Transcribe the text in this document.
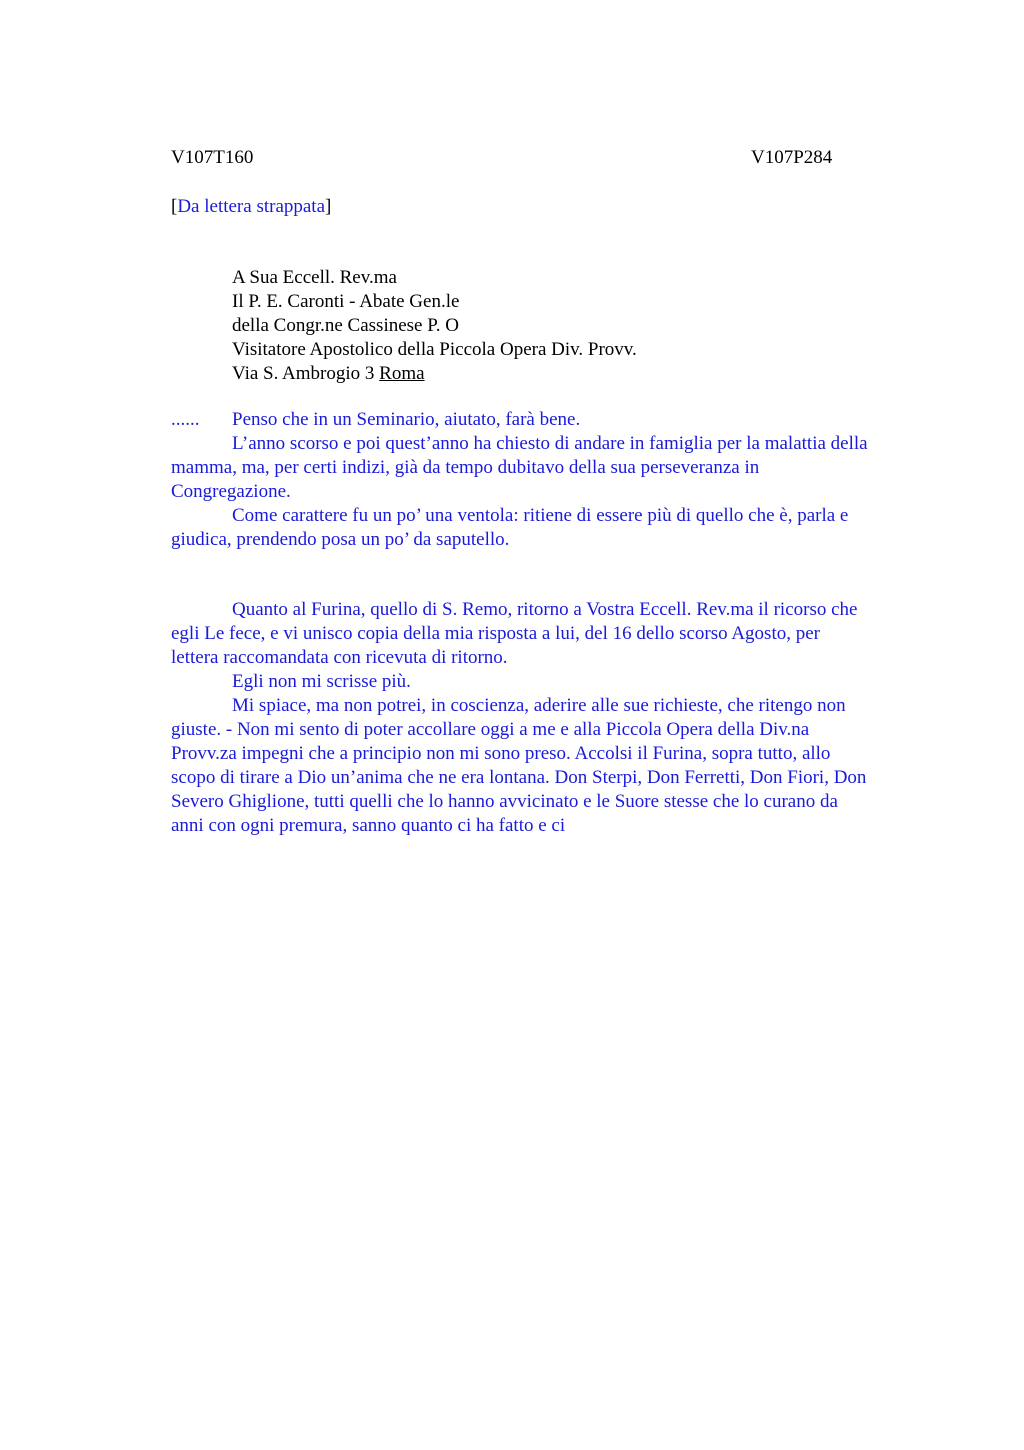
V107T160	V107P284
[Da lettera strappata]
A Sua Eccell. Rev.ma
Il P. E. Caronti - Abate Gen.le
della Congr.ne Cassinese P. O
Visitatore Apostolico della Piccola Opera Div. Provv.
Via S. Ambrogio 3 Roma
...... Penso che in un Seminario, aiutato, farà bene.
L’anno scorso e poi quest’anno ha chiesto di andare in famiglia per la malattia della
mamma, ma, per certi indizi, già da tempo dubitavo della sua perseveranza in
Congregazione.
Come carattere fu un po’ una ventola: ritiene di essere più di quello che è, parla e
giudica, prendendo posa un po’ da saputello.
Quanto al Furina, quello di S. Remo, ritorno a Vostra Eccell. Rev.ma il ricorso che
egli Le fece, e vi unisco copia della mia risposta a lui, del 16 dello scorso Agosto, per
lettera raccomandata con ricevuta di ritorno.
Egli non mi scrisse più.
Mi spiace, ma non potrei, in coscienza, aderire alle sue richieste, che ritengo non
giuste. - Non mi sento di poter accollare oggi a me e alla Piccola Opera della Div.na
Provv.za impegni che a principio non mi sono preso. Accolsi il Furina, sopra tutto, allo
scopo di tirare a Dio un’anima che ne era lontana. Don Sterpi, Don Ferretti, Don Fiori, Don
Severo Ghiglione, tutti quelli che lo hanno avvicinato e le Suore stesse che lo curano da
anni con ogni premura, sanno quanto ci ha fatto e ci
